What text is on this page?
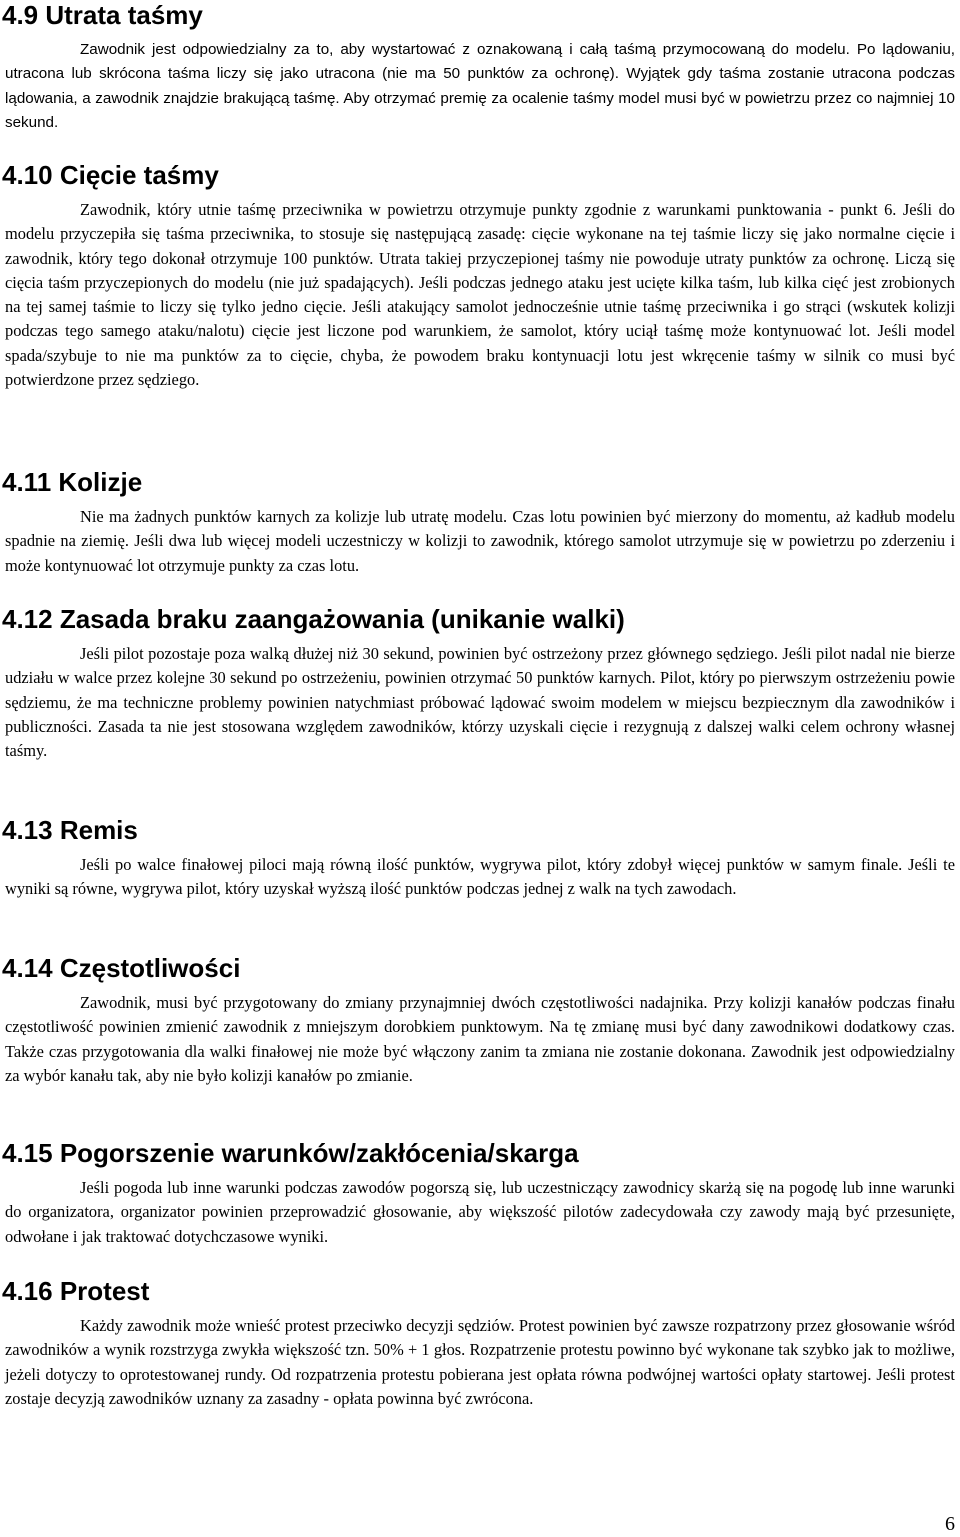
4.9 Utrata taśmy

Zawodnik jest odpowiedzialny za to, aby wystartować z oznakowaną i całą taśmą przymocowaną do modelu. Po lądowaniu, utracona lub skrócona taśma liczy się jako utracona (nie ma 50 punktów za ochronę). Wyjątek gdy taśma zostanie utracona podczas lądowania, a zawodnik znajdzie brakującą taśmę. Aby otrzymać premię za ocalenie taśmy model musi być w powietrzu przez co najmniej 10 sekund.

4.10 Cięcie taśmy

Zawodnik, który utnie taśmę przeciwnika w powietrzu otrzymuje punkty zgodnie z warunkami punktowania - punkt 6. Jeśli do modelu przyczepiła się taśma przeciwnika, to stosuje się następującą zasadę: cięcie wykonane na tej taśmie liczy się jako normalne cięcie i zawodnik, który tego dokonał otrzymuje 100 punktów. Utrata takiej przyczepionej taśmy nie powoduje utraty punktów za ochronę. Liczą się cięcia taśm przyczepionych do modelu (nie już spadających). Jeśli podczas jednego ataku jest ucięte kilka taśm, lub kilka cięć jest zrobionych na tej samej taśmie to liczy się tylko jedno cięcie. Jeśli atakujący samolot jednocześnie utnie taśmę przeciwnika i go strąci (wskutek kolizji podczas tego samego ataku/nalotu) cięcie jest liczone pod warunkiem, że samolot, który uciął taśmę może kontynuować lot. Jeśli model spada/szybuje to nie ma punktów za to cięcie, chyba, że powodem braku kontynuacji lotu jest wkręcenie taśmy w silnik co musi być potwierdzone przez sędziego.

4.11 Kolizje

Nie ma żadnych punktów karnych za kolizje lub utratę modelu. Czas lotu powinien być mierzony do momentu, aż kadłub modelu spadnie na ziemię. Jeśli dwa lub więcej modeli uczestniczy w kolizji to zawodnik, którego samolot utrzymuje się w powietrzu po zderzeniu i może kontynuować lot otrzymuje punkty za czas lotu.

4.12 Zasada braku zaangażowania (unikanie walki)

Jeśli pilot pozostaje poza walką dłużej niż 30 sekund, powinien być ostrzeżony przez głównego sędziego. Jeśli pilot nadal nie bierze udziału w walce przez kolejne 30 sekund po ostrzeżeniu, powinien otrzymać 50 punktów karnych. Pilot, który po pierwszym ostrzeżeniu powie sędziemu, że ma techniczne problemy powinien natychmiast próbować lądować swoim modelem w miejscu bezpiecznym dla zawodników i publiczności. Zasada ta nie jest stosowana względem zawodników, którzy uzyskali cięcie i rezygnują z dalszej walki celem ochrony własnej taśmy.

4.13 Remis

Jeśli po walce finałowej piloci mają równą ilość punktów, wygrywa pilot, który zdobył więcej punktów w samym finale. Jeśli te wyniki są równe, wygrywa pilot, który uzyskał wyższą ilość punktów podczas jednej z walk na tych zawodach.

4.14 Częstotliwości

Zawodnik, musi być przygotowany do zmiany przynajmniej dwóch częstotliwości nadajnika. Przy kolizji kanałów podczas finału częstotliwość powinien zmienić zawodnik z mniejszym dorobkiem punktowym. Na tę zmianę musi być dany zawodnikowi dodatkowy czas. Także czas przygotowania dla walki finałowej nie może być włączony zanim ta zmiana nie zostanie dokonana. Zawodnik jest odpowiedzialny za wybór kanału tak, aby nie było kolizji kanałów po zmianie.

4.15 Pogorszenie warunków/zakłócenia/skarga

Jeśli pogoda lub inne warunki podczas zawodów pogorszą się, lub uczestniczący zawodnicy skarżą się na pogodę lub inne warunki do organizatora, organizator powinien przeprowadzić głosowanie, aby większość pilotów zadecydowała czy zawody mają być przesunięte, odwołane i jak traktować dotychczasowe wyniki.

4.16 Protest

Każdy zawodnik może wnieść protest przeciwko decyzji sędziów. Protest powinien być zawsze rozpatrzony przez głosowanie wśród zawodników a wynik rozstrzyga zwykła większość tzn. 50% + 1 głos. Rozpatrzenie protestu powinno być wykonane tak szybko jak to możliwe, jeżeli dotyczy to oprotestowanej rundy. Od rozpatrzenia protestu pobierana jest opłata równa podwójnej wartości opłaty startowej. Jeśli protest zostaje decyzją zawodników uznany za zasadny - opłata powinna być zwrócona.

6
